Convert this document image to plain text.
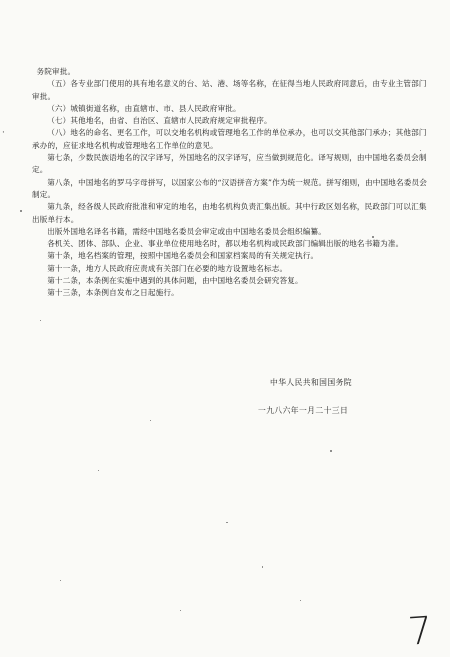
·

务院审批。

（五）各专业部门使用的具有地名意义的台、站、港、场等名称，在征得当地人民政府同意后，由专业主管部门审批。

（六）城镇街道名称，由直辖市、市、县人民政府审批。

（七）其他地名，由省、自治区、直辖市人民政府规定审批程序。

（八）地名的命名、更名工作，可以交地名机构或管理地名工作的单位承办，也可以交其他部门承办；其他部门承办的，应征求地名机构或管理地名工作单位的意见。

第七条，少数民族语地名的汉字译写，外国地名的汉字译写，应当做到规范化。译写规则，由中国地名委员会制定。

第八条，中国地名的罗马字母拼写，以国家公布的“汉语拼音方案”作为统一规范。拼写细则，由中国地名委员会制定。

第九条，经各级人民政府批准和审定的地名，由地名机构负责汇集出版。其中行政区划名称，民政部门可以汇集出版单行本。

出版外国地名译名书籍，需经中国地名委员会审定或由中国地名委员会组织编纂。

各机关、团体、部队、企业、事业单位使用地名时，都以地名机构或民政部门编辑出版的地名书籍为准。

第十条，地名档案的管理，按照中国地名委员会和国家档案局的有关规定执行。

第十一条，地方人民政府应责成有关部门在必要的地方设置地名标志。

第十二条，本条例在实施中遇到的具体问题，由中国地名委员会研究答复。

第十三条，本条例自发布之日起施行。

中华人民共和国国务院

一九八六年一月二十三日

7
